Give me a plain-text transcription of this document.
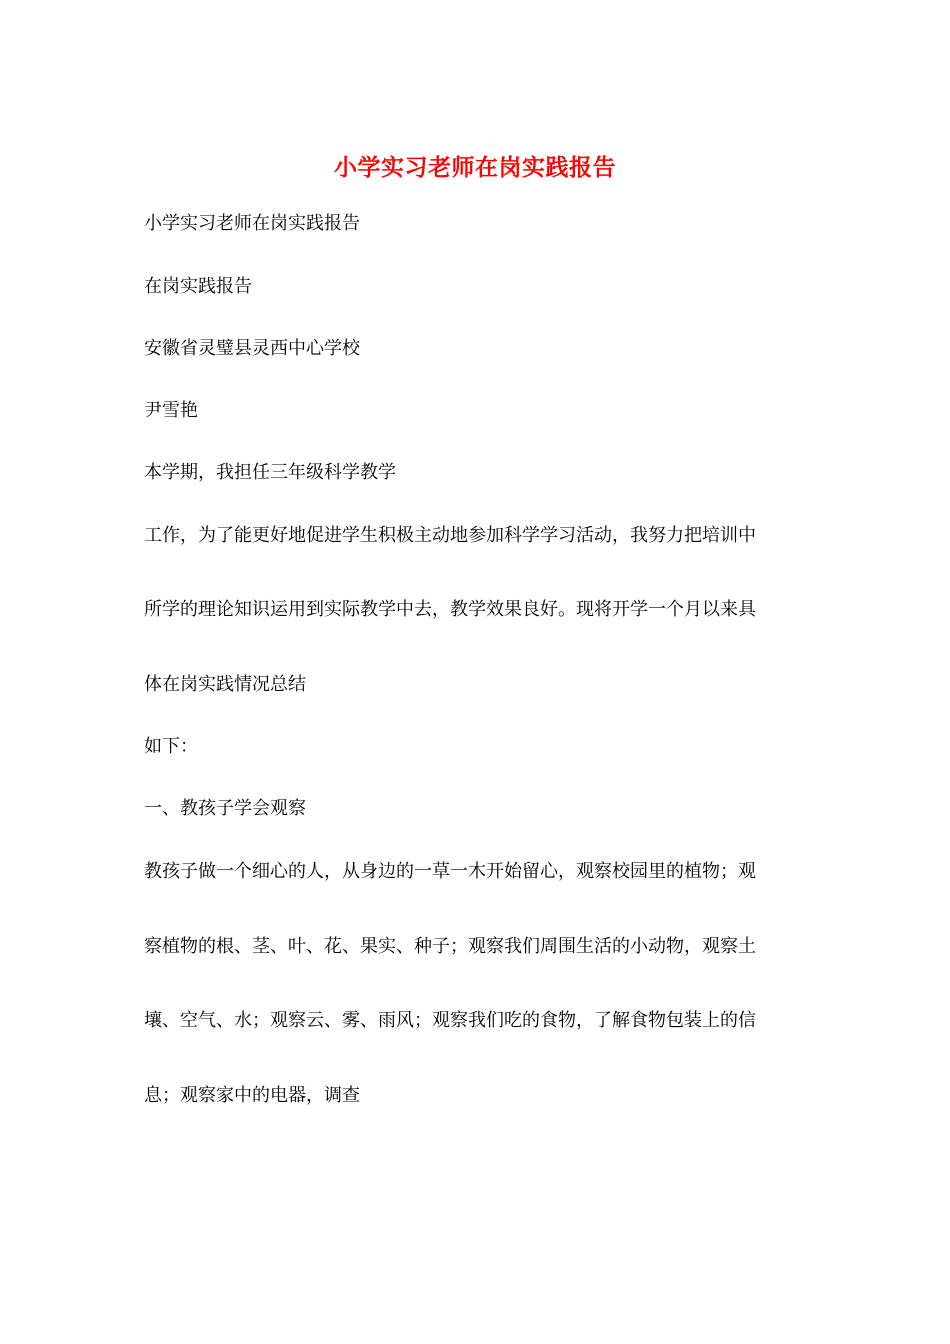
小学实习老师在岗实践报告
小学实习老师在岗实践报告
在岗实践报告
安徽省灵璧县灵西中心学校
尹雪艳
本学期，我担任三年级科学教学
工作，为了能更好地促进学生积极主动地参加科学学习活动，我努力把培训中
所学的理论知识运用到实际教学中去，教学效果良好。现将开学一个月以来具
体在岗实践情况总结
如下：
一、教孩子学会观察
教孩子做一个细心的人，从身边的一草一木开始留心，观察校园里的植物；观
察植物的根、茎、叶、花、果实、种子；观察我们周围生活的小动物，观察土
壤、空气、水；观察云、雾、雨风；观察我们吃的食物，了解食物包装上的信
息；观察家中的电器，调查
